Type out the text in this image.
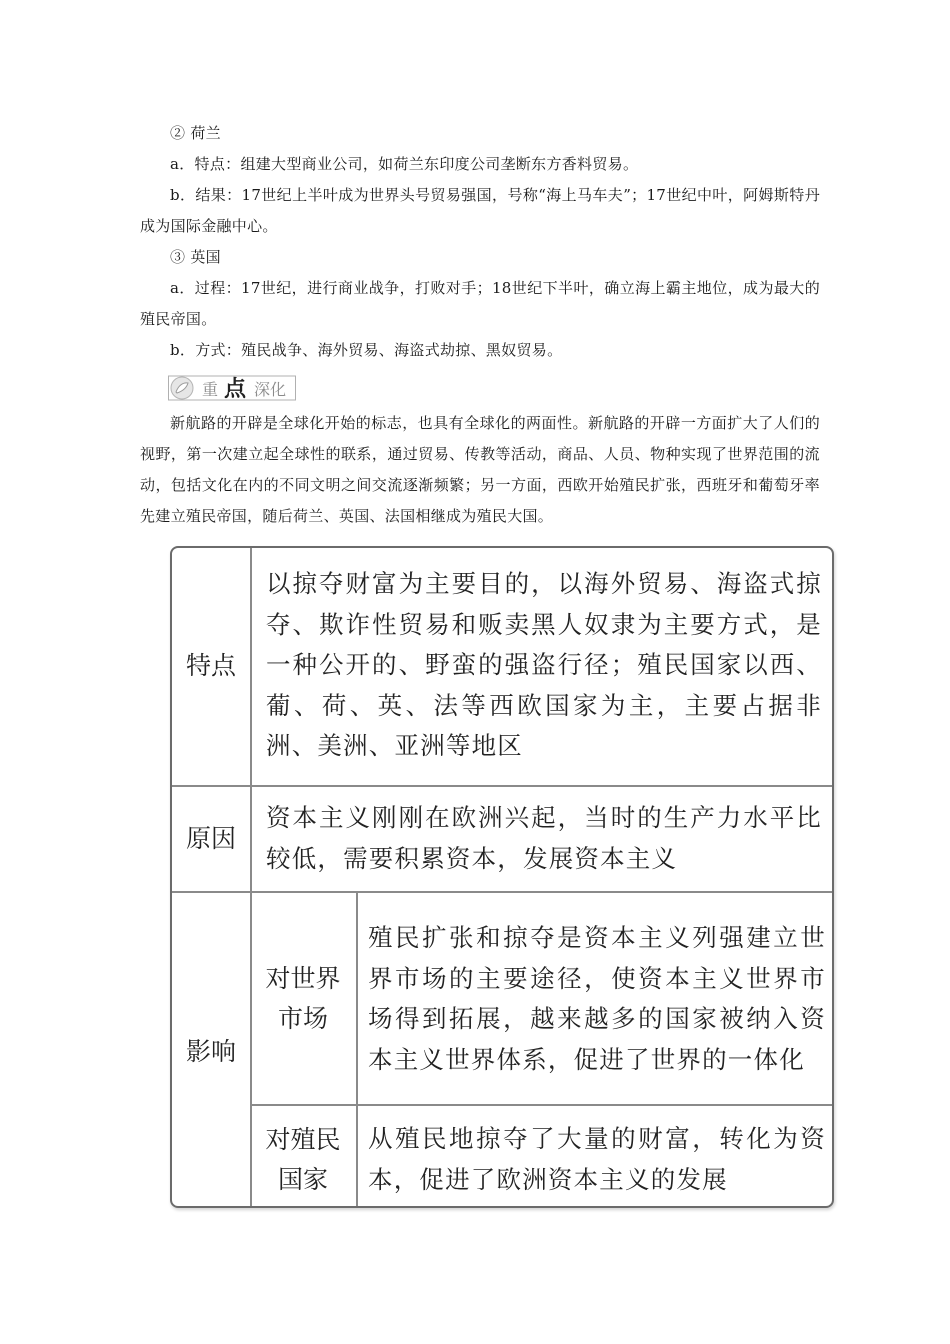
② 荷兰

a．特点：组建大型商业公司，如荷兰东印度公司垄断东方香料贸易。

b．结果：17世纪上半叶成为世界头号贸易强国，号称“海上马车夫”；17世纪中叶，阿姆斯特丹成为国际金融中心。

③ 英国

a．过程：17世纪，进行商业战争，打败对手；18世纪下半叶，确立海上霸主地位，成为最大的殖民帝国。

b．方式：殖民战争、海外贸易、海盗式劫掠、黑奴贸易。

重 点 深化

新航路的开辟是全球化开始的标志，也具有全球化的两面性。新航路的开辟一方面扩大了人们的视野，第一次建立起全球性的联系，通过贸易、传教等活动，商品、人员、物种实现了世界范围的流动，包括文化在内的不同文明之间交流逐渐频繁；另一方面，西欧开始殖民扩张，西班牙和葡萄牙率先建立殖民帝国，随后荷兰、英国、法国相继成为殖民大国。

特点
以掠夺财富为主要目的，以海外贸易、海盗式掠夺、欺诈性贸易和贩卖黑人奴隶为主要方式，是一种公开的、野蛮的强盗行径；殖民国家以西、葡、荷、英、法等西欧国家为主，主要占据非洲、美洲、亚洲等地区
原因
资本主义刚刚在欧洲兴起，当时的生产力水平比较低，需要积累资本，发展资本主义
影响
对世界市场
殖民扩张和掠夺是资本主义列强建立世界市场的主要途径，使资本主义世界市场得到拓展，越来越多的国家被纳入资本主义世界体系，促进了世界的一体化
对殖民国家
从殖民地掠夺了大量的财富，转化为资本，促进了欧洲资本主义的发展
